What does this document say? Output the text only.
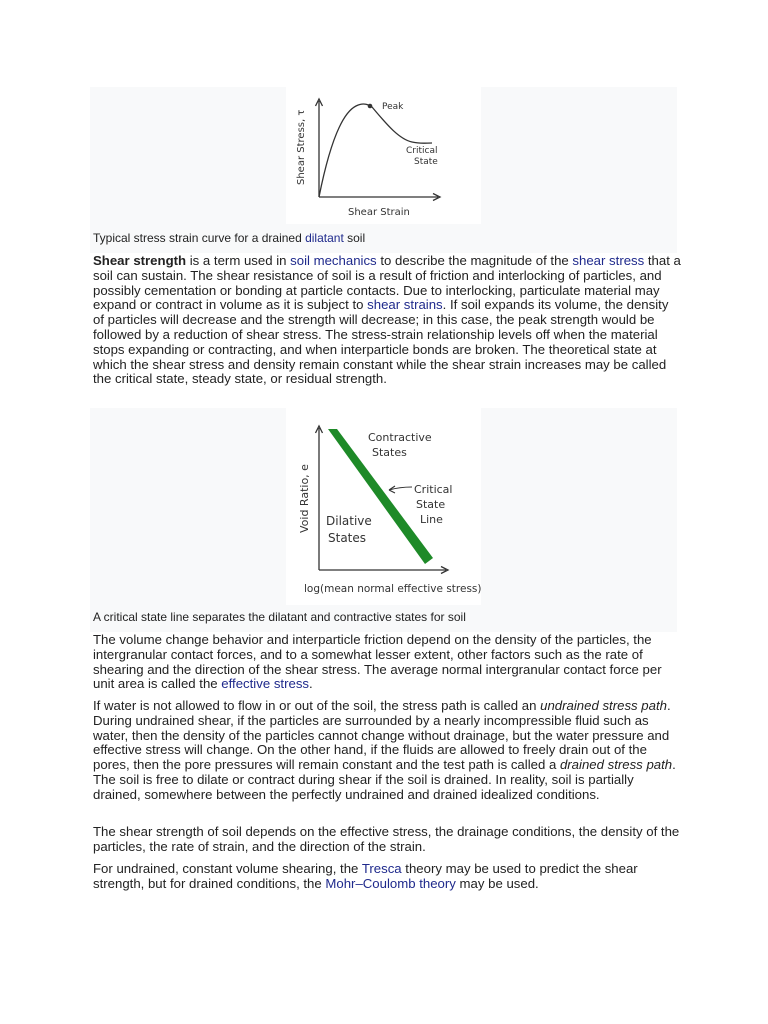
Shear Stress, τ
Shear Strain
Peak
Critical
State
Typical stress strain curve for a drained dilatant soil

Shear strength is a term used in soil mechanics to describe the magnitude of the shear stress that a soil can sustain. The shear resistance of soil is a result of friction and interlocking of particles, and possibly cementation or bonding at particle contacts. Due to interlocking, particulate material may expand or contract in volume as it is subject to shear strains. If soil expands its volume, the density of particles will decrease and the strength will decrease; in this case, the peak strength would be followed by a reduction of shear stress. The stress-strain relationship levels off when the material stops expanding or contracting, and when interparticle bonds are broken. The theoretical state at which the shear stress and density remain constant while the shear strain increases may be called the critical state, steady state, or residual strength.

Void Ratio, e
log(mean normal effective stress)
Contractive
States
Critical
State
Line
Dilative
States
A critical state line separates the dilatant and contractive states for soil

The volume change behavior and interparticle friction depend on the density of the particles, the intergranular contact forces, and to a somewhat lesser extent, other factors such as the rate of shearing and the direction of the shear stress. The average normal intergranular contact force per unit area is called the effective stress.

If water is not allowed to flow in or out of the soil, the stress path is called an undrained stress path. During undrained shear, if the particles are surrounded by a nearly incompressible fluid such as water, then the density of the particles cannot change without drainage, but the water pressure and effective stress will change. On the other hand, if the fluids are allowed to freely drain out of the pores, then the pore pressures will remain constant and the test path is called a drained stress path. The soil is free to dilate or contract during shear if the soil is drained. In reality, soil is partially drained, somewhere between the perfectly undrained and drained idealized conditions.

The shear strength of soil depends on the effective stress, the drainage conditions, the density of the particles, the rate of strain, and the direction of the strain.

For undrained, constant volume shearing, the Tresca theory may be used to predict the shear strength, but for drained conditions, the Mohr–Coulomb theory may be used.
